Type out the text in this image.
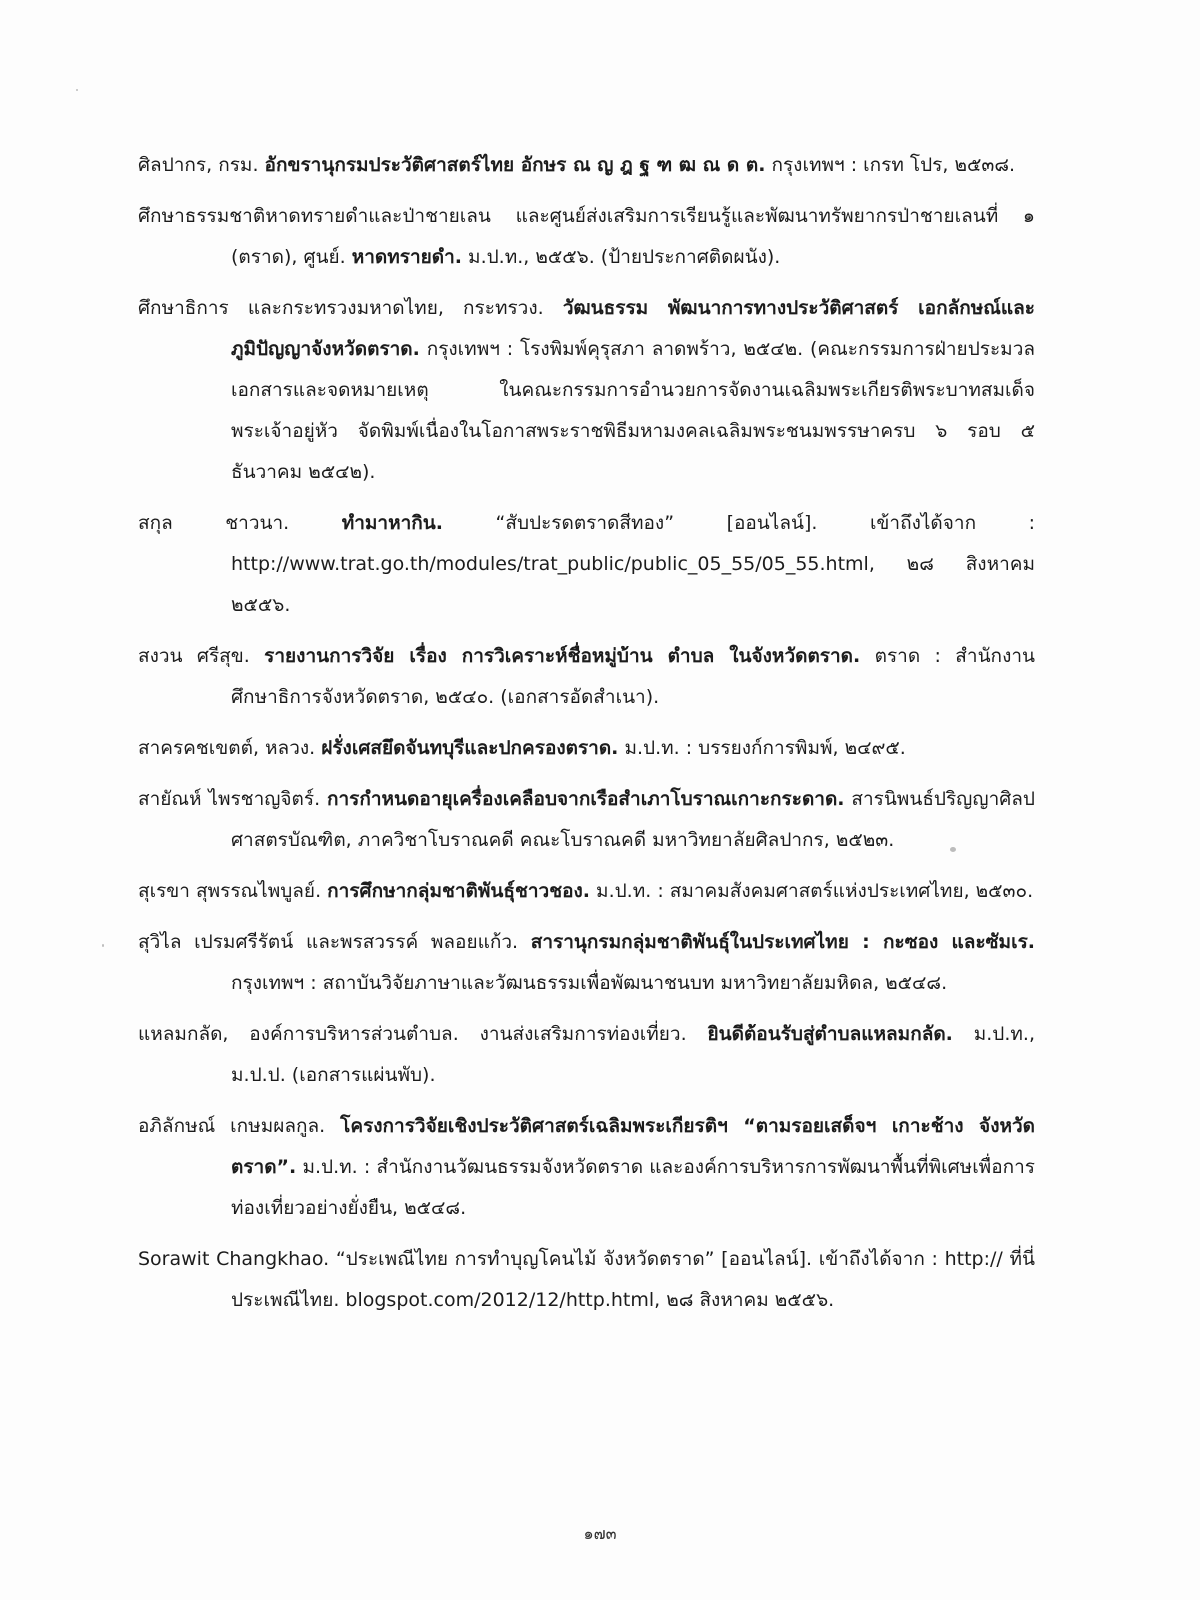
ศิลปากร, กรม. อักขรานุกรมประวัติศาสตร์ไทย อักษร ณ ญ ฎ ฐ ฑ ฒ ณ ด ต. กรุงเทพฯ : เกรท โปร, ๒๕๓๘.
ศึกษาธรรมชาติหาดทรายดำและป่าชายเลน และศูนย์ส่งเสริมการเรียนรู้และพัฒนาทรัพยากรป่าชายเลนที่ ๑ (ตราด), ศูนย์. หาดทรายดำ. ม.ป.ท., ๒๕๕๖. (ป้ายประกาศติดผนัง).
ศึกษาธิการ และกระทรวงมหาดไทย, กระทรวง. วัฒนธรรม พัฒนาการทางประวัติศาสตร์ เอกลักษณ์และภูมิปัญญาจังหวัดตราด. กรุงเทพฯ : โรงพิมพ์คุรุสภา ลาดพร้าว, ๒๕๔๒. (คณะกรรมการฝ่ายประมวลเอกสารและจดหมายเหตุ ในคณะกรรมการอำนวยการจัดงานเฉลิมพระเกียรติพระบาทสมเด็จพระเจ้าอยู่หัว จัดพิมพ์เนื่องในโอกาสพระราชพิธีมหามงคลเฉลิมพระชนมพรรษาครบ ๖ รอบ ๕ ธันวาคม ๒๕๔๒).
สกุล ชาวนา. ทำมาหากิน. “สับปะรดตราดสีทอง” [ออนไลน์]. เข้าถึงได้จาก : http://www.trat.go.th/modules/trat_public/public_05_55/05_55.html, ๒๘ สิงหาคม ๒๕๕๖.
สงวน ศรีสุข. รายงานการวิจัย เรื่อง การวิเคราะห์ชื่อหมู่บ้าน ตำบล ในจังหวัดตราด. ตราด : สำนักงานศึกษาธิการจังหวัดตราด, ๒๕๔๐. (เอกสารอัดสำเนา).
สาครคชเขตต์, หลวง. ฝรั่งเศสยึดจันทบุรีและปกครองตราด. ม.ป.ท. : บรรยงก์การพิมพ์, ๒๔๙๕.
สายัณห์ ไพรชาญจิตร์. การกำหนดอายุเครื่องเคลือบจากเรือสำเภาโบราณเกาะกระดาด. สารนิพนธ์ปริญญาศิลปศาสตรบัณฑิต, ภาควิชาโบราณคดี คณะโบราณคดี มหาวิทยาลัยศิลปากร, ๒๕๒๓.
สุเรขา สุพรรณไพบูลย์. การศึกษากลุ่มชาติพันธุ์ชาวชอง. ม.ป.ท. : สมาคมสังคมศาสตร์แห่งประเทศไทย, ๒๕๓๐.
สุวิไล เปรมศรีรัตน์ และพรสวรรค์ พลอยแก้ว. สารานุกรมกลุ่มชาติพันธุ์ในประเทศไทย : กะซอง และซัมเร. กรุงเทพฯ : สถาบันวิจัยภาษาและวัฒนธรรมเพื่อพัฒนาชนบท มหาวิทยาลัยมหิดล, ๒๕๔๘.
แหลมกลัด, องค์การบริหารส่วนตำบล. งานส่งเสริมการท่องเที่ยว. ยินดีต้อนรับสู่ตำบลแหลมกลัด. ม.ป.ท., ม.ป.ป. (เอกสารแผ่นพับ).
อภิลักษณ์ เกษมผลกูล. โครงการวิจัยเชิงประวัติศาสตร์เฉลิมพระเกียรติฯ “ตามรอยเสด็จฯ เกาะช้าง จังหวัดตราด”. ม.ป.ท. : สำนักงานวัฒนธรรมจังหวัดตราด และองค์การบริหารการพัฒนาพื้นที่พิเศษเพื่อการท่องเที่ยวอย่างยั่งยืน, ๒๕๔๘.
Sorawit Changkhao. “ประเพณีไทย การทำบุญโคนไม้ จังหวัดตราด” [ออนไลน์]. เข้าถึงได้จาก : http:// ที่นี่ประเพณีไทย. blogspot.com/2012/12/http.html, ๒๘ สิงหาคม ๒๕๕๖.
๑๗๓
